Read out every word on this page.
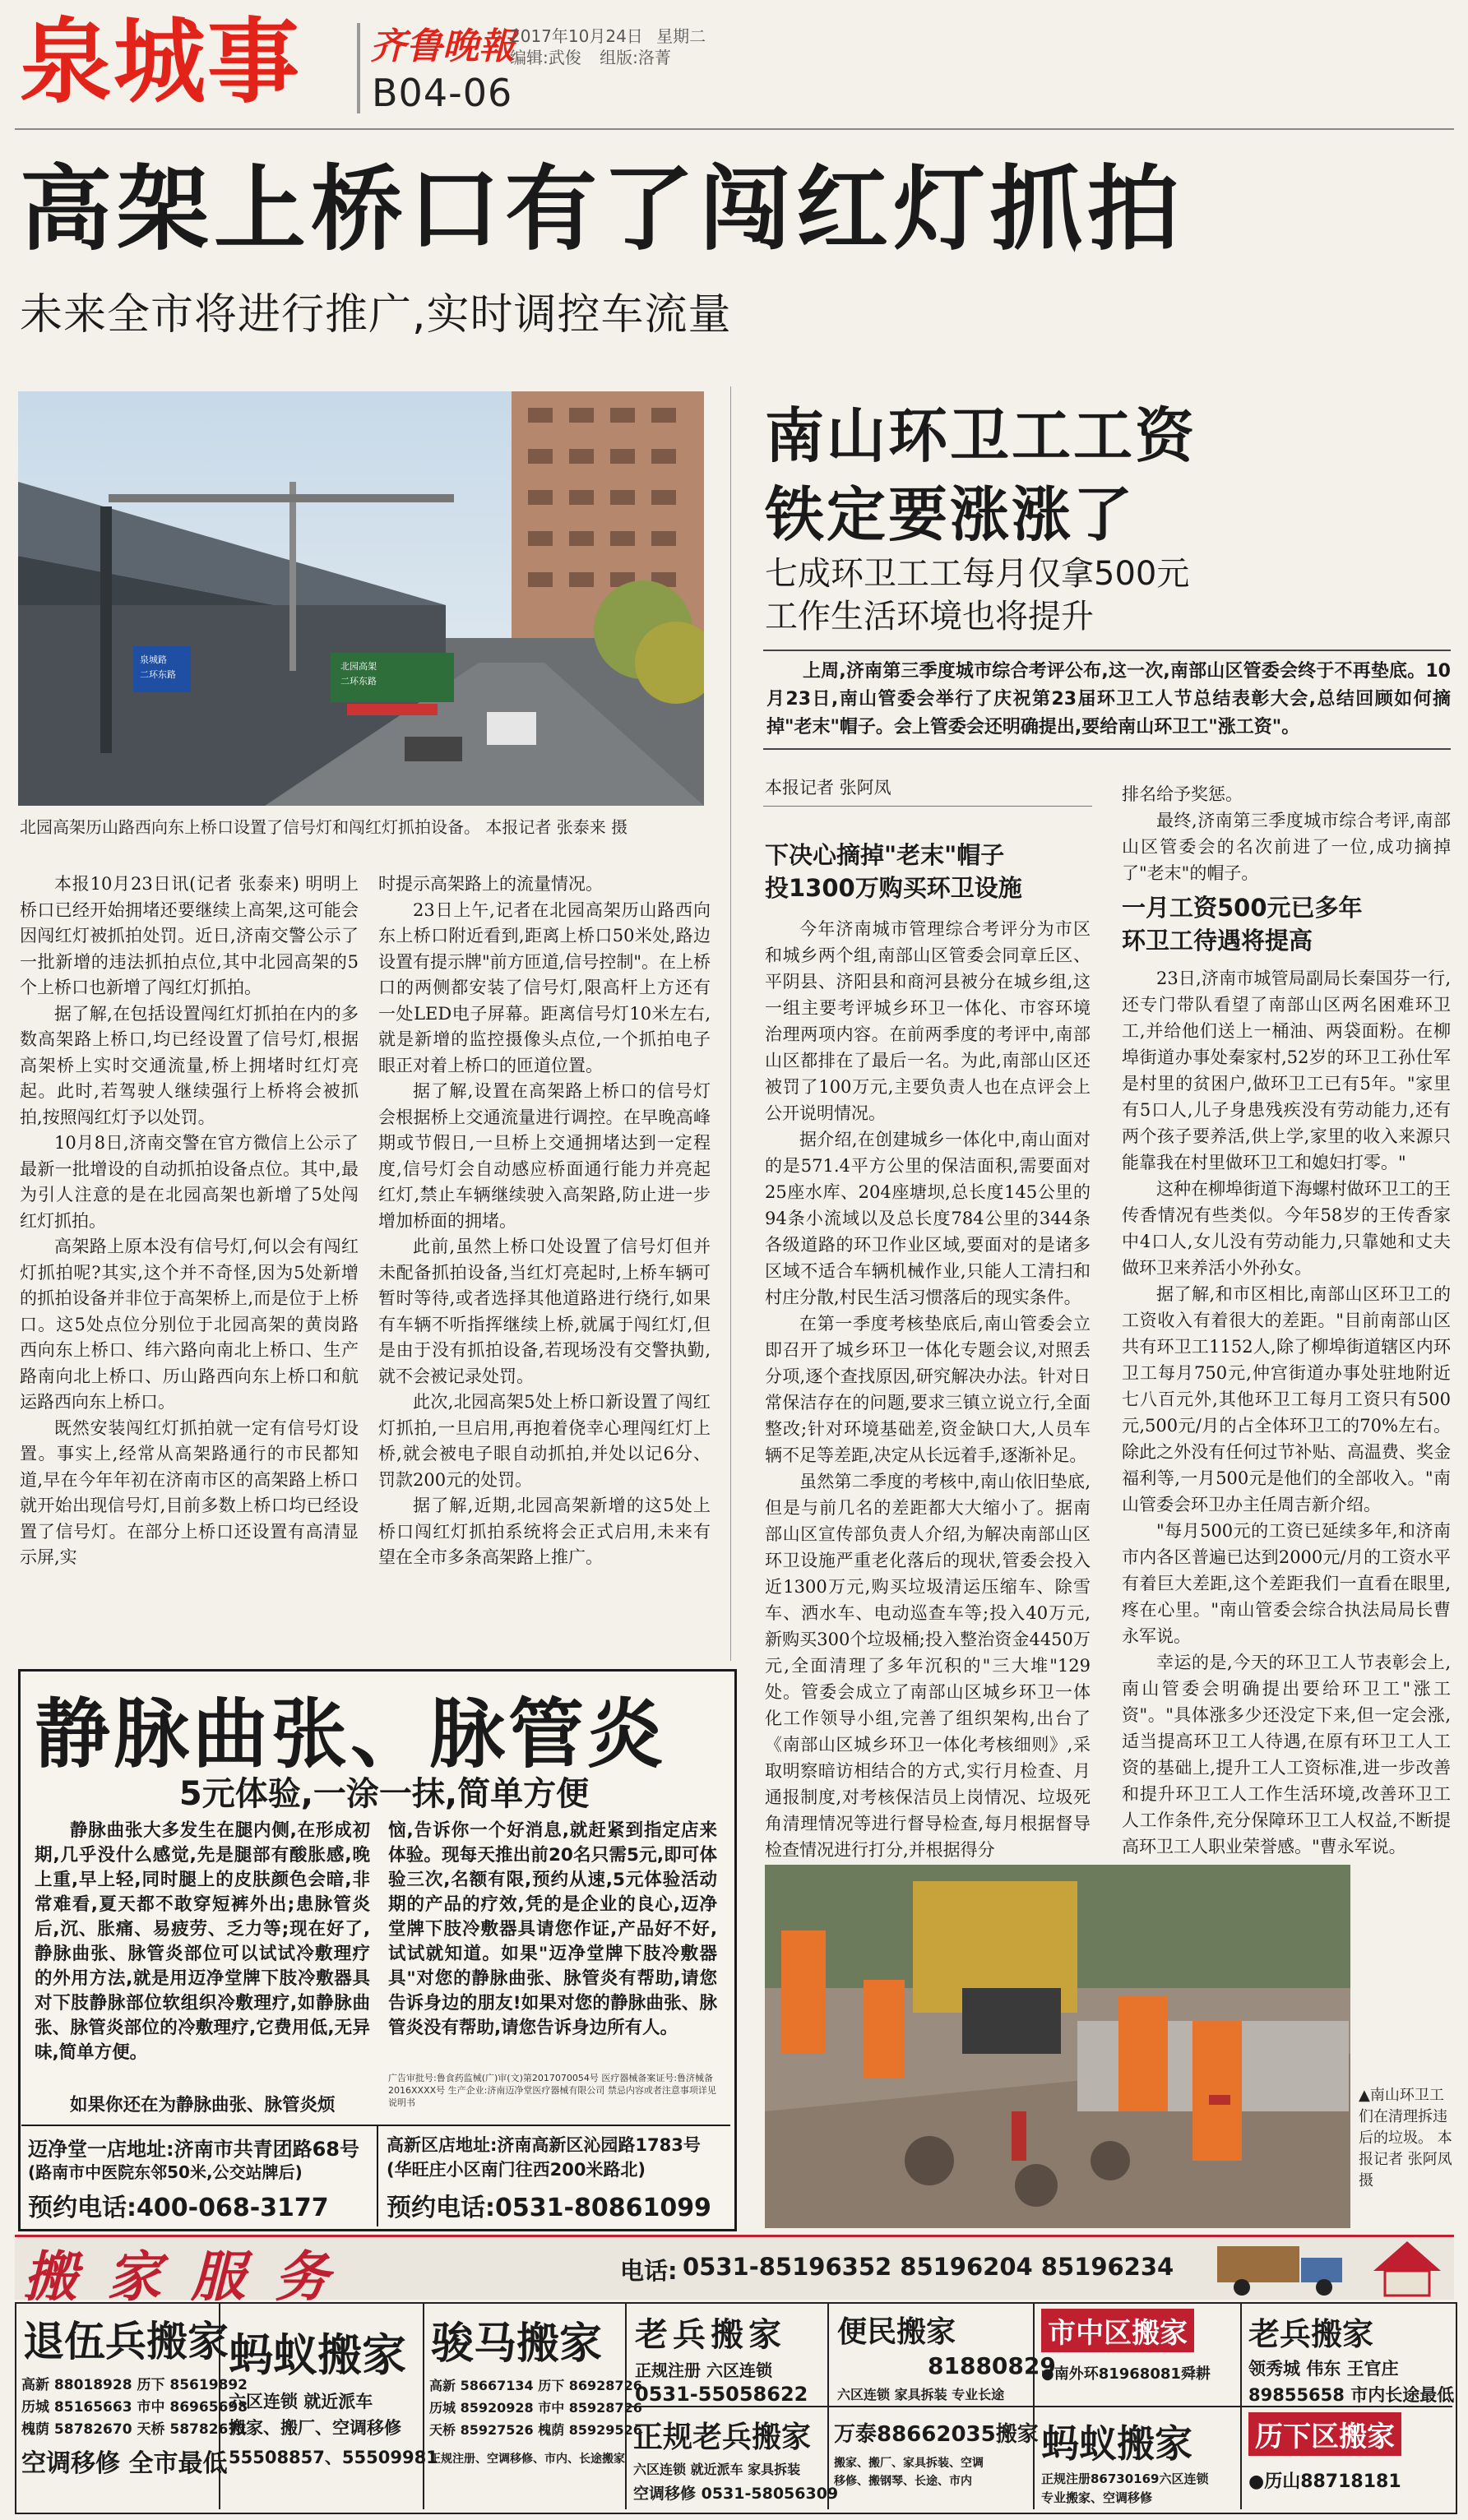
泉城事 齐鲁晚報
2017年10月24日 星期二
编辑:武俊 组版:洛菁
B04-06
高架上桥口有了闯红灯抓拍
未来全市将进行推广,实时调控车流量
泉城路
二环东路
北园高架
二环东路
北园高架历山路西向东上桥口设置了信号灯和闯红灯抓拍设备。 本报记者 张泰来 摄

本报10月23日讯(记者 张泰来) 明明上桥口已经开始拥堵还要继续上高架,这可能会因闯红灯被抓拍处罚。近日,济南交警公示了一批新增的违法抓拍点位,其中北园高架的5个上桥口也新增了闯红灯抓拍。

据了解,在包括设置闯红灯抓拍在内的多数高架路上桥口,均已经设置了信号灯,根据高架桥上实时交通流量,桥上拥堵时红灯亮起。此时,若驾驶人继续强行上桥将会被抓拍,按照闯红灯予以处罚。

10月8日,济南交警在官方微信上公示了最新一批增设的自动抓拍设备点位。其中,最为引人注意的是在北园高架也新增了5处闯红灯抓拍。

高架路上原本没有信号灯,何以会有闯红灯抓拍呢?其实,这个并不奇怪,因为5处新增的抓拍设备并非位于高架桥上,而是位于上桥口。这5处点位分别位于北园高架的黄岗路西向东上桥口、纬六路向南北上桥口、生产路南向北上桥口、历山路西向东上桥口和航运路西向东上桥口。

既然安装闯红灯抓拍就一定有信号灯设置。事实上,经常从高架路通行的市民都知道,早在今年年初在济南市区的高架路上桥口就开始出现信号灯,目前多数上桥口均已经设置了信号灯。在部分上桥口还设置有高清显示屏,实

时提示高架路上的流量情况。

23日上午,记者在北园高架历山路西向东上桥口附近看到,距离上桥口50米处,路边设置有提示牌"前方匝道,信号控制"。在上桥口的两侧都安装了信号灯,限高杆上方还有一处LED电子屏幕。距离信号灯10米左右,就是新增的监控摄像头点位,一个抓拍电子眼正对着上桥口的匝道位置。

据了解,设置在高架路上桥口的信号灯会根据桥上交通流量进行调控。在早晚高峰期或节假日,一旦桥上交通拥堵达到一定程度,信号灯会自动感应桥面通行能力并亮起红灯,禁止车辆继续驶入高架路,防止进一步增加桥面的拥堵。

此前,虽然上桥口处设置了信号灯但并未配备抓拍设备,当红灯亮起时,上桥车辆可暂时等待,或者选择其他道路进行绕行,如果有车辆不听指挥继续上桥,就属于闯红灯,但是由于没有抓拍设备,若现场没有交警执勤,就不会被记录处罚。

此次,北园高架5处上桥口新设置了闯红灯抓拍,一旦启用,再抱着侥幸心理闯红灯上桥,就会被电子眼自动抓拍,并处以记6分、罚款200元的处罚。

据了解,近期,北园高架新增的这5处上桥口闯红灯抓拍系统将会正式启用,未来有望在全市多条高架路上推广。

南山环卫工工资
铁定要涨涨了
七成环卫工工每月仅拿500元
工作生活环境也将提升
上周,济南第三季度城市综合考评公布,这一次,南部山区管委会终于不再垫底。10月23日,南山管委会举行了庆祝第23届环卫工人节总结表彰大会,总结回顾如何摘掉"老末"帽子。会上管委会还明确提出,要给南山环卫工"涨工资"。
本报记者 张阿凤
下决心摘掉"老末"帽子
投1300万购买环卫设施

今年济南城市管理综合考评分为市区和城乡两个组,南部山区管委会同章丘区、平阴县、济阳县和商河县被分在城乡组,这一组主要考评城乡环卫一体化、市容环境治理两项内容。在前两季度的考评中,南部山区都排在了最后一名。为此,南部山区还被罚了100万元,主要负责人也在点评会上公开说明情况。

据介绍,在创建城乡一体化中,南山面对的是571.4平方公里的保洁面积,需要面对25座水库、204座塘坝,总长度145公里的94条小流域以及总长度784公里的344条各级道路的环卫作业区域,要面对的是诸多区域不适合车辆机械作业,只能人工清扫和村庄分散,村民生活习惯落后的现实条件。

在第一季度考核垫底后,南山管委会立即召开了城乡环卫一体化专题会议,对照丢分项,逐个查找原因,研究解决办法。针对日常保洁存在的问题,要求三镇立说立行,全面整改;针对环境基础差,资金缺口大,人员车辆不足等差距,决定从长远着手,逐渐补足。

虽然第二季度的考核中,南山依旧垫底,但是与前几名的差距都大大缩小了。据南部山区宣传部负责人介绍,为解决南部山区环卫设施严重老化落后的现状,管委会投入近1300万元,购买垃圾清运压缩车、除雪车、洒水车、电动巡查车等;投入40万元,新购买300个垃圾桶;投入整治资金4450万元,全面清理了多年沉积的"三大堆"129处。管委会成立了南部山区城乡环卫一体化工作领导小组,完善了组织架构,出台了《南部山区城乡环卫一体化考核细则》,采取明察暗访相结合的方式,实行月检查、月通报制度,对考核保洁员上岗情况、垃圾死角清理情况等进行督导检查,每月根据督导检查情况进行打分,并根据得分

排名给予奖惩。

最终,济南第三季度城市综合考评,南部山区管委会的名次前进了一位,成功摘掉了"老末"的帽子。

一月工资500元已多年
环卫工待遇将提高

23日,济南市城管局副局长秦国芬一行,还专门带队看望了南部山区两名困难环卫工,并给他们送上一桶油、两袋面粉。在柳埠街道办事处秦家村,52岁的环卫工孙仕军是村里的贫困户,做环卫工已有5年。"家里有5口人,儿子身患残疾没有劳动能力,还有两个孩子要养活,供上学,家里的收入来源只能靠我在村里做环卫工和媳妇打零。"

这种在柳埠街道下海螺村做环卫工的王传香情况有些类似。今年58岁的王传香家中4口人,女儿没有劳动能力,只靠她和丈夫做环卫来养活小外孙女。

据了解,和市区相比,南部山区环卫工的工资收入有着很大的差距。"目前南部山区共有环卫工1152人,除了柳埠街道辖区内环卫工每月750元,仲宫街道办事处驻地附近七八百元外,其他环卫工每月工资只有500元,500元/月的占全体环卫工的70%左右。除此之外没有任何过节补贴、高温费、奖金福利等,一月500元是他们的全部收入。"南山管委会环卫办主任周吉新介绍。

"每月500元的工资已延续多年,和济南市内各区普遍已达到2000元/月的工资水平有着巨大差距,这个差距我们一直看在眼里,疼在心里。"南山管委会综合执法局局长曹永军说。

幸运的是,今天的环卫工人节表彰会上,南山管委会明确提出要给环卫工"涨工资"。"具体涨多少还没定下来,但一定会涨,适当提高环卫工人待遇,在原有环卫工人工资的基础上,提升工人工资标准,进一步改善和提升环卫工人工作生活环境,改善环卫工人工作条件,充分保障环卫工人权益,不断提高环卫工人职业荣誉感。"曹永军说。

▲南山环卫工们在清理拆违后的垃圾。 本报记者 张阿凤 摄
静脉曲张、脉管炎
5元体验,一涂一抹,简单方便
静脉曲张大多发生在腿内侧,在形成初期,几乎没什么感觉,先是腿部有酸胀感,晚上重,早上轻,同时腿上的皮肤颜色会暗,非常难看,夏天都不敢穿短裤外出;患脉管炎后,沉、胀痛、易疲劳、乏力等;现在好了,静脉曲张、脉管炎部位可以试试冷敷理疗的外用方法,就是用迈净堂牌下肢冷敷器具对下肢静脉部位软组织冷敷理疗,如静脉曲张、脉管炎部位的冷敷理疗,它费用低,无异味,简单方便。
如果你还在为静脉曲张、脉管炎烦
恼,告诉你一个好消息,就赶紧到指定店来体验。现每天推出前20名只需5元,即可体验三次,名额有限,预约从速,5元体验活动期的产品的疗效,凭的是企业的良心,迈净堂牌下肢冷敷器具请您作证,产品好不好,试试就知道。如果"迈净堂牌下肢冷敷器具"对您的静脉曲张、脉管炎有帮助,请您告诉身边的朋友!如果对您的静脉曲张、脉管炎没有帮助,请您告诉身边所有人。
广告审批号:鲁食药监械(广)审(文)第2017070054号 医疗器械备案证号:鲁济械备2016XXXX号 生产企业:济南迈净堂医疗器械有限公司 禁忌内容或者注意事项详见说明书
迈净堂一店地址:济南市共青团路68号
(路南市中医院东邻50米,公交站牌后)
预约电话:400-068-3177
高新区店地址:济南高新区沁园路1783号(华旺庄小区南门往西200米路北)
预约电话:0531-80861099
搬家服务	电话: 0531-85196352 85196204 85196234
退伍兵搬家
高新 88018928 历下 85619892
历城 85165663 市中 86965698
槐荫 58782670 天桥 58782671
空调移修 全市最低
蚂蚁搬家
六区连锁 就近派车
搬家、搬厂、空调移修
55508857、55509981
骏马搬家
高新 58667134 历下 86928726
历城 85920928 市中 85928726
天桥 85927526 槐荫 85929526
正规注册、空调移修、市内、长途搬家
老兵搬家
正规注册 六区连锁
0531-55058622
正规老兵搬家
六区连锁 就近派车 家具拆装
空调移修 0531-58056309
便民搬家
81880829
六区连锁 家具拆装 专业长途
万泰88662035搬家
搬家、搬厂、家具拆装、空调
移修、搬钢琴、长途、市内
市中区搬家
●南外环81968081舜耕
蚂蚁搬家
正规注册86730169六区连锁
专业搬家、空调移修
老兵搬家
领秀城 伟东 王官庄
89855658 市内长途最低
历下区搬家
●历山88718181
